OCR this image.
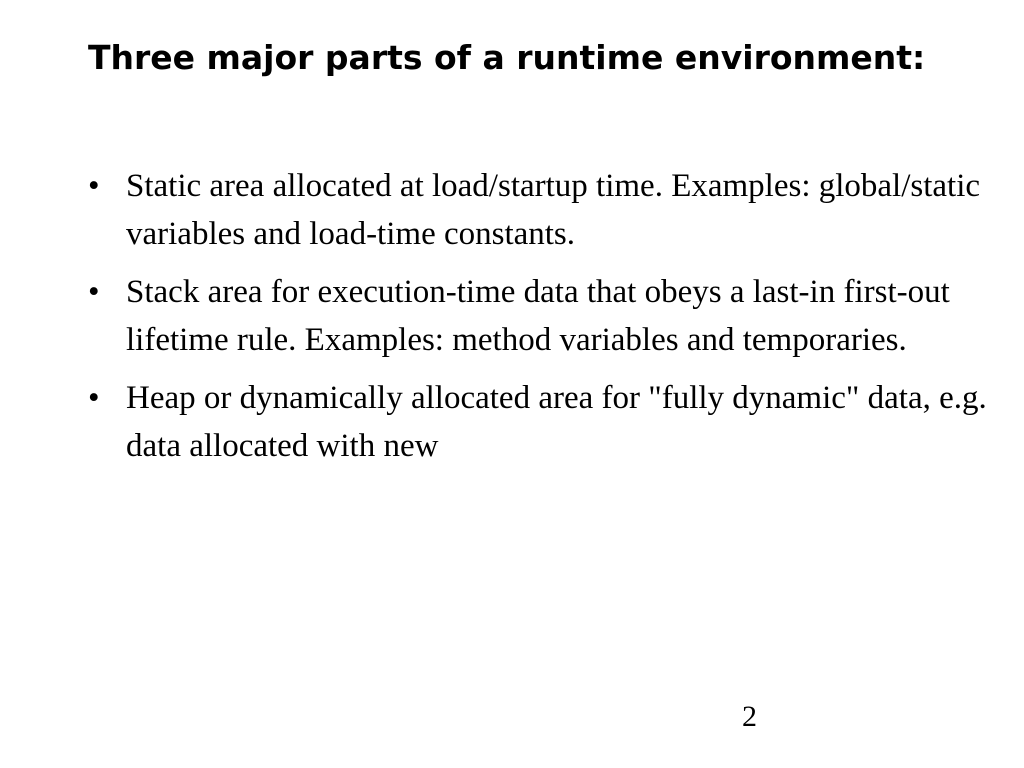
Three major parts of a runtime environment:
• Static area allocated at load/startup time. Examples: global/static variables and load-time constants.
• Stack area for execution-time data that obeys a last-in first-out lifetime rule. Examples: method variables and temporaries.
• Heap or dynamically allocated area for "fully dynamic" data, e.g. data allocated with new
2
